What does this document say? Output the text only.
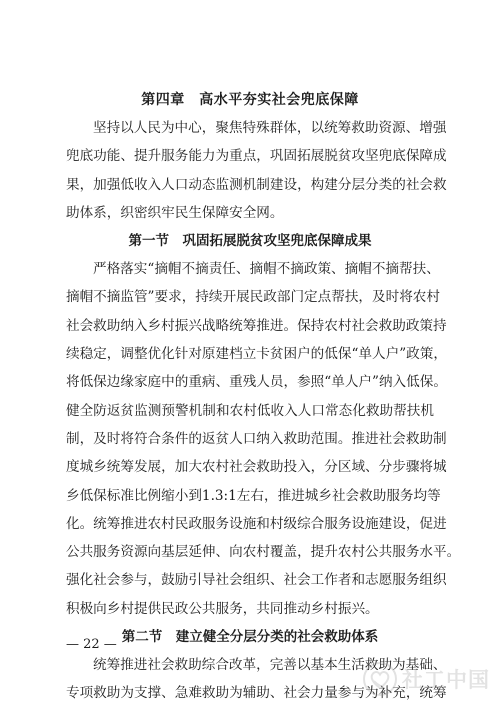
第四章　高水平夯实社会兜底保障

坚持以人民为中心，聚焦特殊群体，以统筹救助资源、增强
兜底功能、提升服务能力为重点，巩固拓展脱贫攻坚兜底保障成
果，加强低收入人口动态监测机制建设，构建分层分类的社会救
助体系，织密织牢民生保障安全网。

第一节　巩固拓展脱贫攻坚兜底保障成果

严格落实“摘帽不摘责任、摘帽不摘政策、摘帽不摘帮扶、
摘帽不摘监管”要求，持续开展民政部门定点帮扶，及时将农村
社会救助纳入乡村振兴战略统筹推进。保持农村社会救助政策持
续稳定，调整优化针对原建档立卡贫困户的低保“单人户”政策，
将低保边缘家庭中的重病、重残人员，参照“单人户”纳入低保。
健全防返贫监测预警机制和农村低收入人口常态化救助帮扶机
制，及时将符合条件的返贫人口纳入救助范围。推进社会救助制
度城乡统筹发展，加大农村社会救助投入，分区域、分步骤将城
乡低保标准比例缩小到1.3:1左右，推进城乡社会救助服务均等
化。统筹推进农村民政服务设施和村级综合服务设施建设，促进
公共服务资源向基层延伸、向农村覆盖，提升农村公共服务水平。
强化社会参与，鼓励引导社会组织、社会工作者和志愿服务组织
积极向乡村提供民政公共服务，共同推动乡村振兴。

第二节　建立健全分层分类的社会救助体系

统筹推进社会救助综合改革，完善以基本生活救助为基础、
专项救助为支撑、急难救助为辅助、社会力量参与为补充，统筹

— 22 —
社工中国
